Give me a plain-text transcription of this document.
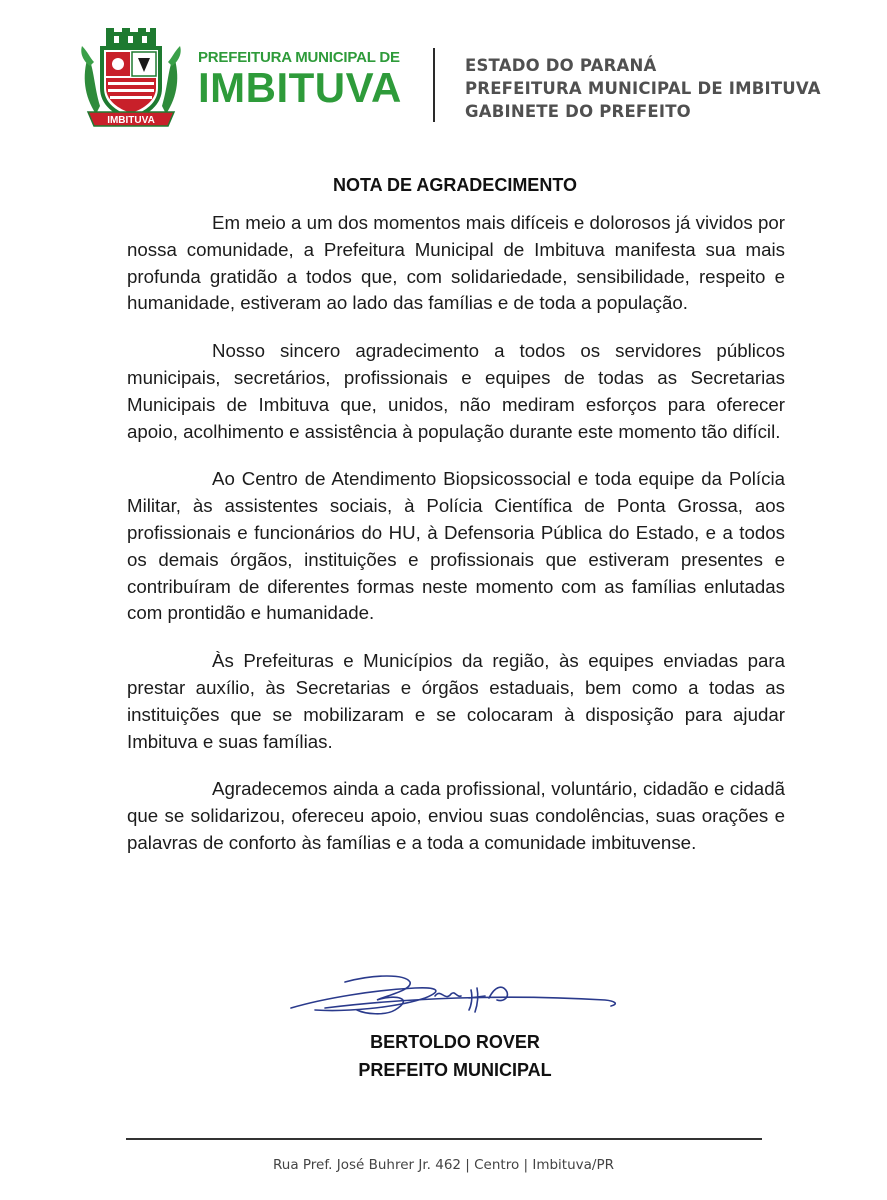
IMBITUVA
PREFEITURA MUNICIPAL DE
IMBITUVA	ESTADO DO PARANÁ
PREFEITURA MUNICIPAL DE IMBITUVA
GABINETE DO PREFEITO
NOTA DE AGRADECIMENTO

Em meio a um dos momentos mais difíceis e dolorosos já vividos por nossa comunidade, a Prefeitura Municipal de Imbituva manifesta sua mais profunda gratidão a todos que, com solidariedade, sensibilidade, respeito e humanidade, estiveram ao lado das famílias e de toda a população.

Nosso sincero agradecimento a todos os servidores públicos municipais, secretários, profissionais e equipes de todas as Secretarias Municipais de Imbituva que, unidos, não mediram esforços para oferecer apoio, acolhimento e assistência à população durante este momento tão difícil.

Ao Centro de Atendimento Biopsicossocial e toda equipe da Polícia Militar, às assistentes sociais, à Polícia Científica de Ponta Grossa, aos profissionais e funcionários do HU, à Defensoria Pública do Estado, e a todos os demais órgãos, instituições e profissionais que estiveram presentes e contribuíram de diferentes formas neste momento com as famílias enlutadas com prontidão e humanidade.

Às Prefeituras e Municípios da região, às equipes enviadas para prestar auxílio, às Secretarias e órgãos estaduais, bem como a todas as instituições que se mobilizaram e se colocaram à disposição para ajudar Imbituva e suas famílias.

Agradecemos ainda a cada profissional, voluntário, cidadão e cidadã que se solidarizou, ofereceu apoio, enviou suas condolências, suas orações e palavras de conforto às famílias e a toda a comunidade imbituvense.

BERTOLDO ROVER
PREFEITO MUNICIPAL
Rua Pref. José Buhrer Jr. 462 | Centro | Imbituva/PR
